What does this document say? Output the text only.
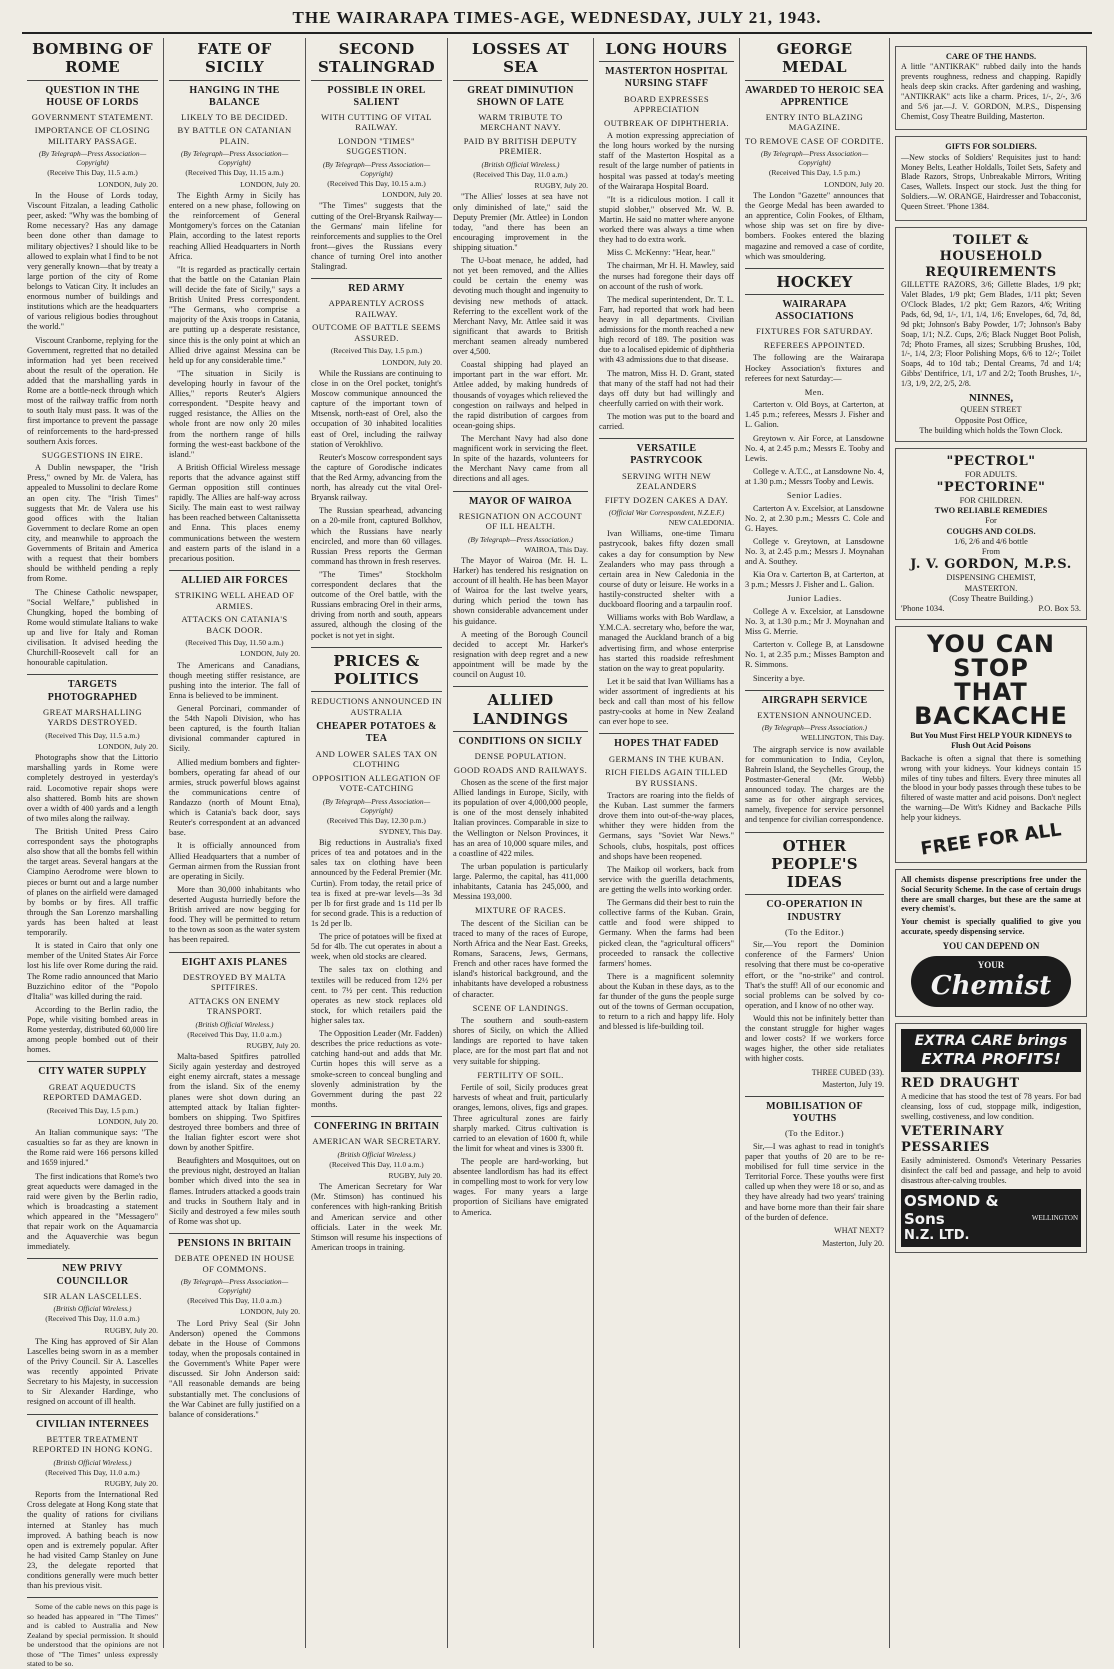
THE WAIRARAPA TIMES-AGE, WEDNESDAY, JULY 21, 1943.
BOMBING OF ROME
QUESTION IN THE HOUSE OF LORDS
GOVERNMENT STATEMENT.
IMPORTANCE OF CLOSING MILITARY PASSAGE.
(By Telegraph—Press Association—Copyright)
(Receive This Day, 11.5 a.m.)
LONDON, July 20.

In the House of Lords today, Viscount Fitzalan, a leading Catholic peer, asked: "Why was the bombing of Rome necessary? Has any damage been done other than damage to military objectives? I should like to be allowed to explain what I find to be not very generally known—that by treaty a large portion of the city of Rome belongs to Vatican City. It includes an enormous number of buildings and institutions which are the headquarters of various religious bodies throughout the world."

Viscount Cranborne, replying for the Government, regretted that no detailed information had yet been received about the result of the operation. He added that the marshalling yards in Rome are a bottle-neck through which most of the railway traffic from north to south Italy must pass. It was of the first importance to prevent the passage of reinforcements to the hard-pressed southern Axis forces.

SUGGESTIONS IN EIRE.

A Dublin newspaper, the "Irish Press," owned by Mr. de Valera, has appealed to Mussolini to declare Rome an open city. The "Irish Times" suggests that Mr. de Valera use his good offices with the Italian Government to declare Rome an open city, and meanwhile to approach the Governments of Britain and America with a request that their bombers should be withheld pending a reply from Rome.

The Chinese Catholic newspaper, "Social Welfare," published in Chungking, hoped the bombing of Rome would stimulate Italians to wake up and live for Italy and Roman civilisation. It advised heeding the Churchill-Roosevelt call for an honourable capitulation.

TARGETS PHOTOGRAPHED
GREAT MARSHALLING YARDS DESTROYED.
(Received This Day, 11.5 a.m.)
LONDON, July 20.

Photographs show that the Littorio marshalling yards in Rome were completely destroyed in yesterday's raid. Locomotive repair shops were also shattered. Bomb hits are shown over a width of 400 yards and a length of two miles along the railway.

The British United Press Cairo correspondent says the photographs also show that all the bombs fell within the target areas. Several hangars at the Ciampino Aerodrome were blown to pieces or burnt out and a large number of planes on the airfield were damaged by bombs or by fires. All traffic through the San Lorenzo marshalling yards has been halted at least temporarily.

It is stated in Cairo that only one member of the United States Air Force lost his life over Rome during the raid. The Rome radio announced that Mario Buzzichino editor of the "Popolo d'Italia" was killed during the raid.

According to the Berlin radio, the Pope, while visiting bombed areas in Rome yesterday, distributed 60,000 lire among people bombed out of their homes.

CITY WATER SUPPLY
GREAT AQUEDUCTS REPORTED DAMAGED.
(Received This Day, 1.5 p.m.)
LONDON, July 20.

An Italian communique says: "The casualties so far as they are known in the Rome raid were 166 persons killed and 1659 injured."

The first indications that Rome's two great aqueducts were damaged in the raid were given by the Berlin radio, which is broadcasting a statement which appeared in the "Messagero" that repair work on the Aquamarcia and the Aquaverchie was begun immediately.

NEW PRIVY COUNCILLOR
SIR ALAN LASCELLES.
(British Official Wireless.)
(Received This Day, 11.0 a.m.)
RUGBY, July 20.

The King has approved of Sir Alan Lascelles being sworn in as a member of the Privy Council. Sir A. Lascelles was recently appointed Private Secretary to his Majesty, in succession to Sir Alexander Hardinge, who resigned on account of ill health.

CIVILIAN INTERNEES
BETTER TREATMENT REPORTED IN HONG KONG.
(British Official Wireless.)
(Received This Day, 11.0 a.m.)
RUGBY, July 20.

Reports from the International Red Cross delegate at Hong Kong state that the quality of rations for civilians interned at Stanley has much improved. A bathing beach is now open and is extremely popular. After he had visited Camp Stanley on June 23, the delegate reported that conditions generally were much better than his previous visit.

Some of the cable news on this page is so headed has appeared in "The Times" and is cabled to Australia and New Zealand by special permission. It should be understood that the opinions are not those of "The Times" unless expressly stated to be so.

FATE OF SICILY
HANGING IN THE BALANCE
LIKELY TO BE DECIDED.
BY BATTLE ON CATANIAN PLAIN.
(By Telegraph—Press Association—Copyright)
(Received This Day, 11.15 a.m.)
LONDON, July 20.

The Eighth Army in Sicily has entered on a new phase, following on the reinforcement of General Montgomery's forces on the Catanian Plain, according to the latest reports reaching Allied Headquarters in North Africa.

"It is regarded as practically certain that the battle on the Catanian Plain will decide the fate of Sicily," says a British United Press correspondent. "The Germans, who comprise a majority of the Axis troops in Catania, are putting up a desperate resistance, since this is the only point at which an Allied drive against Messina can be held up for any considerable time."

"The situation in Sicily is developing hourly in favour of the Allies," reports Reuter's Algiers correspondent. "Despite heavy and rugged resistance, the Allies on the whole front are now only 20 miles from the northern range of hills forming the west-east backbone of the island."

A British Official Wireless message reports that the advance against stiff German opposition still continues rapidly. The Allies are half-way across Sicily. The main east to west railway has been reached between Caltanissetta and Enna. This places enemy communications between the western and eastern parts of the island in a precarious position.

ALLIED AIR FORCES
STRIKING WELL AHEAD OF ARMIES.
ATTACKS ON CATANIA'S BACK DOOR.
(Received This Day, 11.50 a.m.)
LONDON, July 20.

The Americans and Canadians, though meeting stiffer resistance, are pushing into the interior. The fall of Enna is believed to be imminent.

General Porcinari, commander of the 54th Napoli Division, who has been captured, is the fourth Italian divisional commander captured in Sicily.

Allied medium bombers and fighter-bombers, operating far ahead of our armies, struck powerful blows against the communications centre of Randazzo (north of Mount Etna), which is Catania's back door, says Reuter's correspondent at an advanced base.

It is officially announced from Allied Headquarters that a number of German airmen from the Russian front are operating in Sicily.

More than 30,000 inhabitants who deserted Augusta hurriedly before the British arrived are now begging for food. They will be permitted to return to the town as soon as the water system has been repaired.

EIGHT AXIS PLANES
DESTROYED BY MALTA SPITFIRES.
ATTACKS ON ENEMY TRANSPORT.
(British Official Wireless.)
(Received This Day, 11.0 a.m.)
RUGBY, July 20.

Malta-based Spitfires patrolled Sicily again yesterday and destroyed eight enemy aircraft, states a message from the island. Six of the enemy planes were shot down during an attempted attack by Italian fighter-bombers on shipping. Two Spitfires destroyed three bombers and three of the Italian fighter escort were shot down by another Spitfire.

Beaufighters and Mosquitoes, out on the previous night, destroyed an Italian bomber which dived into the sea in flames. Intruders attacked a goods train and trucks in Southern Italy and in Sicily and destroyed a few miles south of Rome was shot up.

PENSIONS IN BRITAIN
DEBATE OPENED IN HOUSE OF COMMONS.
(By Telegraph—Press Association—Copyright)
(Received This Day, 11.0 a.m.)
LONDON, July 20.

The Lord Privy Seal (Sir John Anderson) opened the Commons debate in the House of Commons today, when the proposals contained in the Government's White Paper were discussed. Sir John Anderson said: "All reasonable demands are being substantially met. The conclusions of the War Cabinet are fully justified on a balance of considerations."

SECOND STALINGRAD
POSSIBLE IN OREL SALIENT
WITH CUTTING OF VITAL RAILWAY.
LONDON "TIMES" SUGGESTION.
(By Telegraph—Press Association—Copyright)
(Received This Day, 10.15 a.m.)
LONDON, July 20.

"The Times" suggests that the cutting of the Orel-Bryansk Railway—the Germans' main lifeline for reinforcements and supplies to the Orel front—gives the Russians every chance of turning Orel into another Stalingrad.

RED ARMY
APPARENTLY ACROSS RAILWAY.
OUTCOME OF BATTLE SEEMS ASSURED.
(Received This Day, 1.5 p.m.)
LONDON, July 20.

While the Russians are continuing to close in on the Orel pocket, tonight's Moscow communique announced the capture of the important town of Mtsensk, north-east of Orel, also the occupation of 30 inhabited localities east of Orel, including the railway station of Verokhlivo.

Reuter's Moscow correspondent says the capture of Gorodische indicates that the Red Army, advancing from the north, has already cut the vital Orel-Bryansk railway.

The Russian spearhead, advancing on a 20-mile front, captured Bolkhov, which the Russians have nearly encircled, and more than 60 villages. Russian Press reports the German command has thrown in fresh reserves.

"The Times" Stockholm correspondent declares that the outcome of the Orel battle, with the Russians embracing Orel in their arms, driving from north and south, appears assured, although the closing of the pocket is not yet in sight.

PRICES & POLITICS
REDUCTIONS ANNOUNCED IN AUSTRALIA
CHEAPER POTATOES & TEA
AND LOWER SALES TAX ON CLOTHING
OPPOSITION ALLEGATION OF VOTE-CATCHING
(By Telegraph—Press Association—Copyright)
(Received This Day, 12.30 p.m.)
SYDNEY, This Day.

Big reductions in Australia's fixed prices of tea and potatoes and in the sales tax on clothing have been announced by the Federal Premier (Mr. Curtin). From today, the retail price of tea is fixed at pre-war levels—3s 3d per lb for first grade and 1s 11d per lb for second grade. This is a reduction of 1s 2d per lb.

The price of potatoes will be fixed at 5d for 4lb. The cut operates in about a week, when old stocks are cleared.

The sales tax on clothing and textiles will be reduced from 12½ per cent. to 7½ per cent. This reduction operates as new stock replaces old stock, for which retailers paid the higher sales tax.

The Opposition Leader (Mr. Fadden) describes the price reductions as vote-catching hand-out and adds that Mr. Curtin hopes this will serve as a smoke-screen to conceal bungling and slovenly administration by the Government during the past 22 months.

CONFERING IN BRITAIN
AMERICAN WAR SECRETARY.
(British Official Wireless.)
(Received This Day, 11.0 a.m.)
RUGBY, July 20.

The American Secretary for War (Mr. Stimson) has continued his conferences with high-ranking British and American service and other officials. Later in the week Mr. Stimson will resume his inspections of American troops in training.

LOSSES AT SEA
GREAT DIMINUTION SHOWN OF LATE
WARM TRIBUTE TO MERCHANT NAVY.
PAID BY BRITISH DEPUTY PREMIER.
(British Official Wireless.)
(Received This Day, 11.0 a.m.)
RUGBY, July 20.

"The Allies' losses at sea have not only diminished of late," said the Deputy Premier (Mr. Attlee) in London today, "and there has been an encouraging improvement in the shipping situation."

The U-boat menace, he added, had not yet been removed, and the Allies could be certain the enemy was devoting much thought and ingenuity to devising new methods of attack. Referring to the excellent work of the Merchant Navy, Mr. Attlee said it was significant that awards to British merchant seamen already numbered over 4,500.

Coastal shipping had played an important part in the war effort. Mr. Attlee added, by making hundreds of thousands of voyages which relieved the congestion on railways and helped in the rapid distribution of cargoes from ocean-going ships.

The Merchant Navy had also done magnificent work in servicing the fleet. In spite of the hazards, volunteers for the Merchant Navy came from all directions and all ages.

MAYOR OF WAIROA
RESIGNATION ON ACCOUNT OF ILL HEALTH.
(By Telegraph—Press Association.)
WAIROA, This Day.

The Mayor of Wairoa (Mr. H. L. Harker) has tendered his resignation on account of ill health. He has been Mayor of Wairoa for the last twelve years, during which period the town has shown considerable advancement under his guidance.

A meeting of the Borough Council decided to accept Mr. Harker's resignation with deep regret and a new appointment will be made by the council on August 10.

ALLIED LANDINGS
CONDITIONS ON SICILY
DENSE POPULATION.
GOOD ROADS AND RAILWAYS.

Chosen as the scene of the first major Allied landings in Europe, Sicily, with its population of over 4,000,000 people, is one of the most densely inhabited Italian provinces. Comparable in size to the Wellington or Nelson Provinces, it has an area of 10,000 square miles, and a coastline of 422 miles.

The urban population is particularly large. Palermo, the capital, has 411,000 inhabitants, Catania has 245,000, and Messina 193,000.

MIXTURE OF RACES.

The descent of the Sicilian can be traced to many of the races of Europe, North Africa and the Near East. Greeks, Romans, Saracens, Jews, Germans, French and other races have formed the island's historical background, and the inhabitants have developed a robustness of character.

SCENE OF LANDINGS.

The southern and south-eastern shores of Sicily, on which the Allied landings are reported to have taken place, are for the most part flat and not very suitable for shipping.

FERTILITY OF SOIL.

Fertile of soil, Sicily produces great harvests of wheat and fruit, particularly oranges, lemons, olives, figs and grapes. Three agricultural zones are fairly sharply marked. Citrus cultivation is carried to an elevation of 1600 ft, while the limit for wheat and vines is 3300 ft.

The people are hard-working, but absentee landlordism has had its effect in compelling most to work for very low wages. For many years a large proportion of Sicilians have emigrated to America.

LONG HOURS
MASTERTON HOSPITAL NURSING STAFF
BOARD EXPRESSES APPRECIATION
OUTBREAK OF DIPHTHERIA.

A motion expressing appreciation of the long hours worked by the nursing staff of the Masterton Hospital as a result of the large number of patients in hospital was passed at today's meeting of the Wairarapa Hospital Board.

"It is a ridiculous motion. I call it stupid slobber," observed Mr. W. B. Martin. He said no matter where anyone worked there was always a time when they had to do extra work.

Miss C. McKenny: "Hear, hear."

The chairman, Mr H. H. Mawley, said the nurses had foregone their days off on account of the rush of work.

The medical superintendent, Dr. T. L. Farr, had reported that work had been heavy in all departments. Civilian admissions for the month reached a new high record of 189. The position was due to a localised epidemic of diphtheria with 43 admissions due to that disease.

The matron, Miss H. D. Grant, stated that many of the staff had not had their days off duty but had willingly and cheerfully carried on with their work.

The motion was put to the board and carried.

VERSATILE PASTRYCOOK
SERVING WITH NEW ZEALANDERS
FIFTY DOZEN CAKES A DAY.
(Official War Correspondent, N.Z.E.F.)
NEW CALEDONIA.

Ivan Williams, one-time Timaru pastrycook, bakes fifty dozen small cakes a day for consumption by New Zealanders who may pass through a certain area in New Caledonia in the course of duty or leisure. He works in a hastily-constructed shelter with a duckboard flooring and a tarpaulin roof.

Williams works with Bob Wardlaw, a Y.M.C.A. secretary who, before the war, managed the Auckland branch of a big advertising firm, and whose enterprise has started this roadside refreshment station on the way to great popularity.

Let it be said that Ivan Williams has a wider assortment of ingredients at his beck and call than most of his fellow pastry-cooks at home in New Zealand can ever hope to see.

HOPES THAT FADED
GERMANS IN THE KUBAN.
RICH FIELDS AGAIN TILLED BY RUSSIANS.

Tractors are roaring into the fields of the Kuban. Last summer the farmers drove them into out-of-the-way places, whither they were hidden from the Germans, says "Soviet War News." Schools, clubs, hospitals, post offices and shops have been reopened.

The Maikop oil workers, back from service with the guerilla detachments, are getting the wells into working order.

The Germans did their best to ruin the collective farms of the Kuban. Grain, cattle and food were shipped to Germany. When the farms had been picked clean, the "agricultural officers" proceeded to ransack the collective farmers' homes.

There is a magnificent solemnity about the Kuban in these days, as to the far thunder of the guns the people surge out of the towns of German occupation, to return to a rich and happy life. Holy and blessed is life-building toil.

GEORGE MEDAL
AWARDED TO HEROIC SEA APPRENTICE
ENTRY INTO BLAZING MAGAZINE.
TO REMOVE CASE OF CORDITE.
(By Telegraph—Press Association—Copyright)
(Received This Day, 1.5 p.m.)
LONDON, July 20.

The London "Gazette" announces that the George Medal has been awarded to an apprentice, Colin Fookes, of Eltham, whose ship was set on fire by dive-bombers. Fookes entered the blazing magazine and removed a case of cordite, which was smouldering.

HOCKEY
WAIRARAPA ASSOCIATIONS
FIXTURES FOR SATURDAY.
REFEREES APPOINTED.

The following are the Wairarapa Hockey Association's fixtures and referees for next Saturday:—

Men.

Carterton v. Old Boys, at Carterton, at 1.45 p.m.; referees, Messrs J. Fisher and L. Galion.

Greytown v. Air Force, at Lansdowne No. 4, at 2.45 p.m.; Messrs E. Tooby and Lewis.

College v. A.T.C., at Lansdowne No. 4, at 1.30 p.m.; Messrs Tooby and Lewis.

Senior Ladies.

Carterton A v. Excelsior, at Lansdowne No. 2, at 2.30 p.m.; Messrs C. Cole and G. Hayes.

College v. Greytown, at Lansdowne No. 3, at 2.45 p.m.; Messrs J. Moynahan and A. Southey.

Kia Ora v. Carterton B, at Carterton, at 3 p.m.; Messrs J. Fisher and L. Galion.

Junior Ladies.

College A v. Excelsior, at Lansdowne No. 3, at 1.30 p.m.; Mr J. Moynahan and Miss G. Merrie.

Carterton v. College B, at Lansdowne No. 1, at 2.35 p.m.; Misses Bampton and R. Simmons.

Sincerity a bye.

AIRGRAPH SERVICE
EXTENSION ANNOUNCED.
(By Telegraph—Press Association.)
WELLINGTON, This Day.

The airgraph service is now available for communication to India, Ceylon, Bahrein Island, the Seychelles Group, the Postmaster-General (Mr. Webb) announced today. The charges are the same as for other airgraph services, namely, fivepence for service personnel and tenpence for civilian correspondence.

OTHER PEOPLE'S IDEAS
CO-OPERATION IN INDUSTRY
(To the Editor.)

Sir,—You report the Dominion conference of the Farmers' Union resolving that there must be co-operative effort, or the "no-strike" and control. That's the stuff! All of our economic and social problems can be solved by co-operation, and I know of no other way.

Would this not be infinitely better than the constant struggle for higher wages and lower costs? If we workers force wages higher, the other side retaliates with higher costs.

THREE CUBED (33).
Masterton, July 19.
MOBILISATION OF YOUTHS
(To the Editor.)

Sir,—I was aghast to read in tonight's paper that youths of 20 are to be re-mobilised for full time service in the Territorial Force. These youths were first called up when they were 18 or so, and as they have already had two years' training and have borne more than their fair share of the burden of defence.

WHAT NEXT?
Masterton, July 20.
CARE OF THE HANDS.

A little "ANTIKRAK" rubbed daily into the hands prevents roughness, redness and chapping. Rapidly heals deep skin cracks. After gardening and washing, "ANTIKRAK" acts like a charm. Prices, 1/-, 2/-, 3/6 and 5/6 jar.—J. V. GORDON, M.P.S., Dispensing Chemist, Cosy Theatre Building, Masterton.

GIFTS FOR SOLDIERS.

—New stocks of Soldiers' Requisites just to hand: Money Belts, Leather Holdalls, Toilet Sets, Safety and Blade Razors, Strops, Unbreakable Mirrors, Writing Cases, Wallets. Inspect our stock. Just the thing for Soldiers.—W. ORANGE, Hairdresser and Tobacconist, Queen Street. 'Phone 1384.

TOILET & HOUSEHOLD REQUIREMENTS

GILLETTE RAZORS, 3/6; Gillette Blades, 1/9 pkt; Valet Blades, 1/9 pkt; Gem Blades, 1/11 pkt; Seven O'Clock Blades, 1/2 pkt; Gem Razors, 4/6; Writing Pads, 6d, 9d, 1/-, 1/1, 1/4, 1/6; Envelopes, 6d, 7d, 8d, 9d pkt; Johnson's Baby Powder, 1/7; Johnson's Baby Soap, 1/1; N.Z. Cups, 2/6; Black Nugget Boot Polish, 7d; Photo Frames, all sizes; Scrubbing Brushes, 10d, 1/-, 1/4, 2/3; Floor Polishing Mops, 6/6 to 12/-; Toilet Soaps, 4d to 10d tab.; Dental Creams, 7d and 1/4; Gibbs' Dentifrice, 1/1, 1/7 and 2/2; Tooth Brushes, 1/-, 1/3, 1/9, 2/2, 2/5, 2/8.

NINNES,
QUEEN STREET
Opposite Post Office,
The building which holds the Town Clock.
"PECTROL"
FOR ADULTS.
"PECTORINE"
FOR CHILDREN.
TWO RELIABLE REMEDIES
For
COUGHS AND COLDS.
1/6, 2/6 and 4/6 bottle
From
J. V. GORDON, M.P.S.
DISPENSING CHEMIST,
MASTERTON.
(Cosy Theatre Building.)
'Phone 1034.	P.O. Box 53.
YOU CAN STOP
THAT BACKACHE
But You Must First HELP YOUR KIDNEYS to Flush Out Acid Poisons

Backache is often a signal that there is something wrong with your kidneys. Your kidneys contain 15 miles of tiny tubes and filters. Every three minutes all the blood in your body passes through these tubes to be filtered of waste matter and acid poisons. Don't neglect the warning—De Witt's Kidney and Backache Pills help your kidneys.

FREE FOR ALL

All chemists dispense prescriptions free under the Social Security Scheme. In the case of certain drugs there are small charges, but these are the same at every chemist's.

Your chemist is specially qualified to give you accurate, speedy dispensing service.

YOU CAN DEPEND ON
YOUR
Chemist
EXTRA CARE brings
EXTRA PROFITS!
RED DRAUGHT

A medicine that has stood the test of 78 years. For bad cleansing, loss of cud, stoppage milk, indigestion, swelling, costiveness, and low condition.

VETERINARY PESSARIES

Easily administered. Osmond's Veterinary Pessaries disinfect the calf bed and passage, and help to avoid disastrous after-calving troubles.

OSMOND & Sons
N.Z. LTD.
WELLINGTON
